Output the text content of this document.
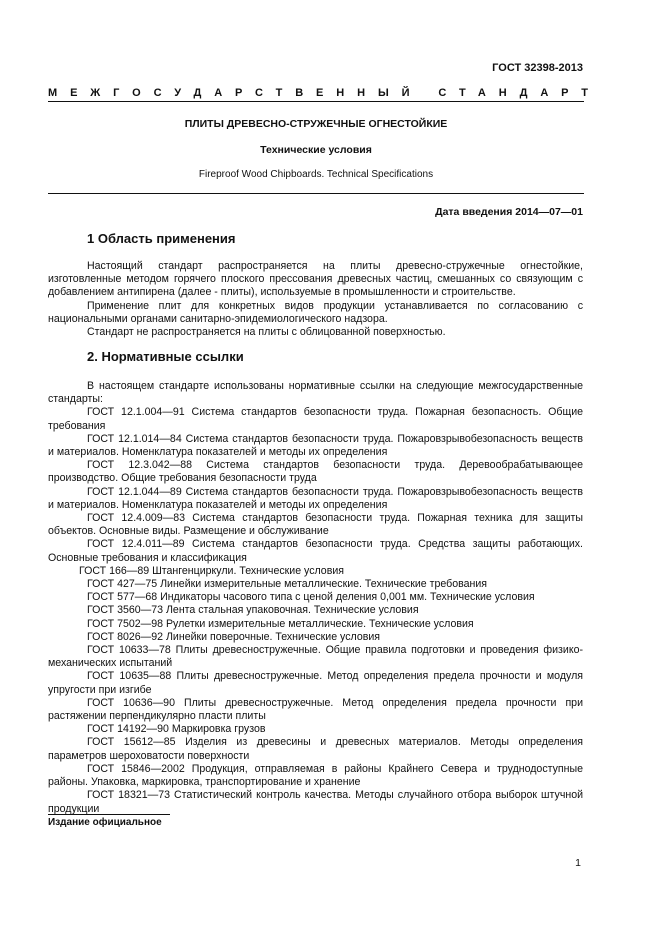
ГОСТ 32398-2013
МЕЖГОСУДАРСТВЕННЫЙ СТАНДАРТ
ПЛИТЫ ДРЕВЕСНО-СТРУЖЕЧНЫЕ ОГНЕСТОЙКИЕ
Технические условия
Fireproof Wood Chipboards. Technical Specifications
Дата введения 2014—07—01
1 Область применения

Настоящий стандарт распространяется на плиты древесно-стружечные огнестойкие, изготовленные методом горячего плоского прессования древесных частиц, смешанных со связующим с добавлением антипирена (далее - плиты), используемые в промышленности и строительстве.

Применение плит для конкретных видов продукции устанавливается по согласованию с национальными органами санитарно-эпидемиологического надзора.

Стандарт не распространяется на плиты с облицованной поверхностью.

2. Нормативные ссылки

В настоящем стандарте использованы нормативные ссылки на следующие межгосударственные стандарты:

ГОСТ 12.1.004—91 Система стандартов безопасности труда. Пожарная безопасность. Общие требования

ГОСТ 12.1.014—84 Система стандартов безопасности труда. Пожаровзрывобезопасность веществ и материалов. Номенклатура показателей и методы их определения

ГОСТ 12.3.042—88 Система стандартов безопасности труда. Деревообрабатывающее производство. Общие требования безопасности труда

ГОСТ 12.1.044—89 Система стандартов безопасности труда. Пожаровзрывобезопасность веществ и материалов. Номенклатура показателей и методы их определения

ГОСТ 12.4.009—83 Система стандартов безопасности труда. Пожарная техника для защиты объектов. Основные виды. Размещение и обслуживание

ГОСТ 12.4.011—89 Система стандартов безопасности труда. Средства защиты работающих. Основные требования и классификация

ГОСТ 166—89 Штангенциркули. Технические условия

ГОСТ 427—75 Линейки измерительные металлические. Технические требования

ГОСТ 577—68 Индикаторы часового типа с ценой деления 0,001 мм. Технические условия

ГОСТ 3560—73 Лента стальная упаковочная. Технические условия

ГОСТ 7502—98 Рулетки измерительные металлические. Технические условия

ГОСТ 8026—92 Линейки поверочные. Технические условия

ГОСТ 10633—78 Плиты древесностружечные. Общие правила подготовки и проведения физико-механических испытаний

ГОСТ 10635—88 Плиты древесностружечные. Метод определения предела прочности и модуля упругости при изгибе

ГОСТ 10636—90 Плиты древесностружечные. Метод определения предела прочности при растяжении перпендикулярно пласти плиты

ГОСТ 14192—90 Маркировка грузов

ГОСТ 15612—85 Изделия из древесины и древесных материалов. Методы определения параметров шероховатости поверхности

ГОСТ 15846—2002 Продукция, отправляемая в районы Крайнего Севера и труднодоступные районы. Упаковка, маркировка, транспортирование и хранение

ГОСТ 18321—73 Статистический контроль качества. Методы случайного отбора выборок штучной продукции

Издание официальное
1
